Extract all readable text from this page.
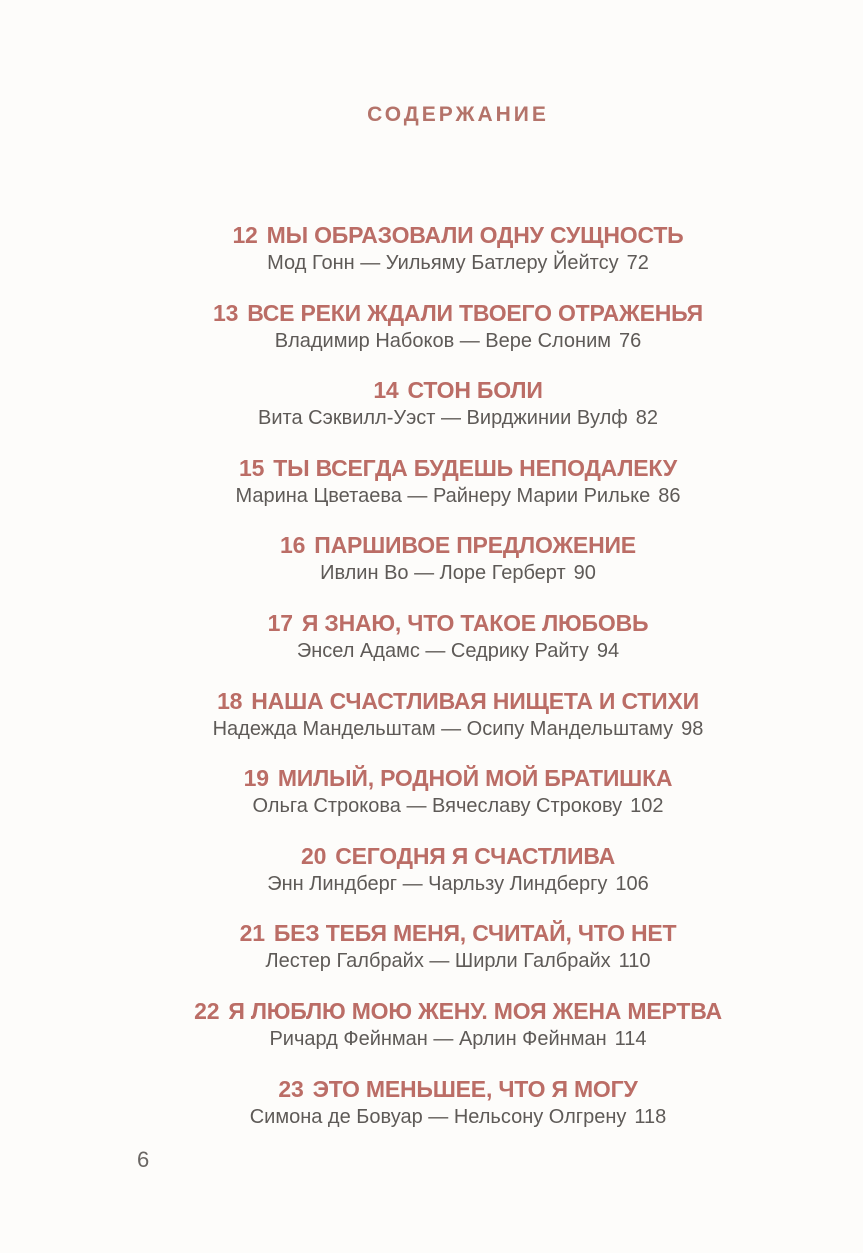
СОДЕРЖАНИЕ
12 МЫ ОБРАЗОВАЛИ ОДНУ СУЩНОСТЬ
Мод Гонн — Уильяму Батлеру Йейтсу 72
13 ВСЕ РЕКИ ЖДАЛИ ТВОЕГО ОТРАЖЕНЬЯ
Владимир Набоков — Вере Слоним 76
14 СТОН БОЛИ
Вита Сэквилл-Уэст — Вирджинии Вулф 82
15 ТЫ ВСЕГДА БУДЕШЬ НЕПОДАЛЕКУ
Марина Цветаева — Райнеру Марии Рильке 86
16 ПАРШИВОЕ ПРЕДЛОЖЕНИЕ
Ивлин Во — Лоре Герберт 90
17 Я ЗНАЮ, ЧТО ТАКОЕ ЛЮБОВЬ
Энсел Адамс — Седрику Райту 94
18 НАША СЧАСТЛИВАЯ НИЩЕТА И СТИХИ
Надежда Мандельштам — Осипу Мандельштаму 98
19 МИЛЫЙ, РОДНОЙ МОЙ БРАТИШКА
Ольга Строкова — Вячеславу Строкову 102
20 СЕГОДНЯ Я СЧАСТЛИВА
Энн Линдберг — Чарльзу Линдбергу 106
21 БЕЗ ТЕБЯ МЕНЯ, СЧИТАЙ, ЧТО НЕТ
Лестер Галбрайх — Ширли Галбрайх 110
22 Я ЛЮБЛЮ МОЮ ЖЕНУ. МОЯ ЖЕНА МЕРТВА
Ричард Фейнман — Арлин Фейнман 114
23 ЭТО МЕНЬШЕЕ, ЧТО Я МОГУ
Симона де Бовуар — Нельсону Олгрену 118
6
